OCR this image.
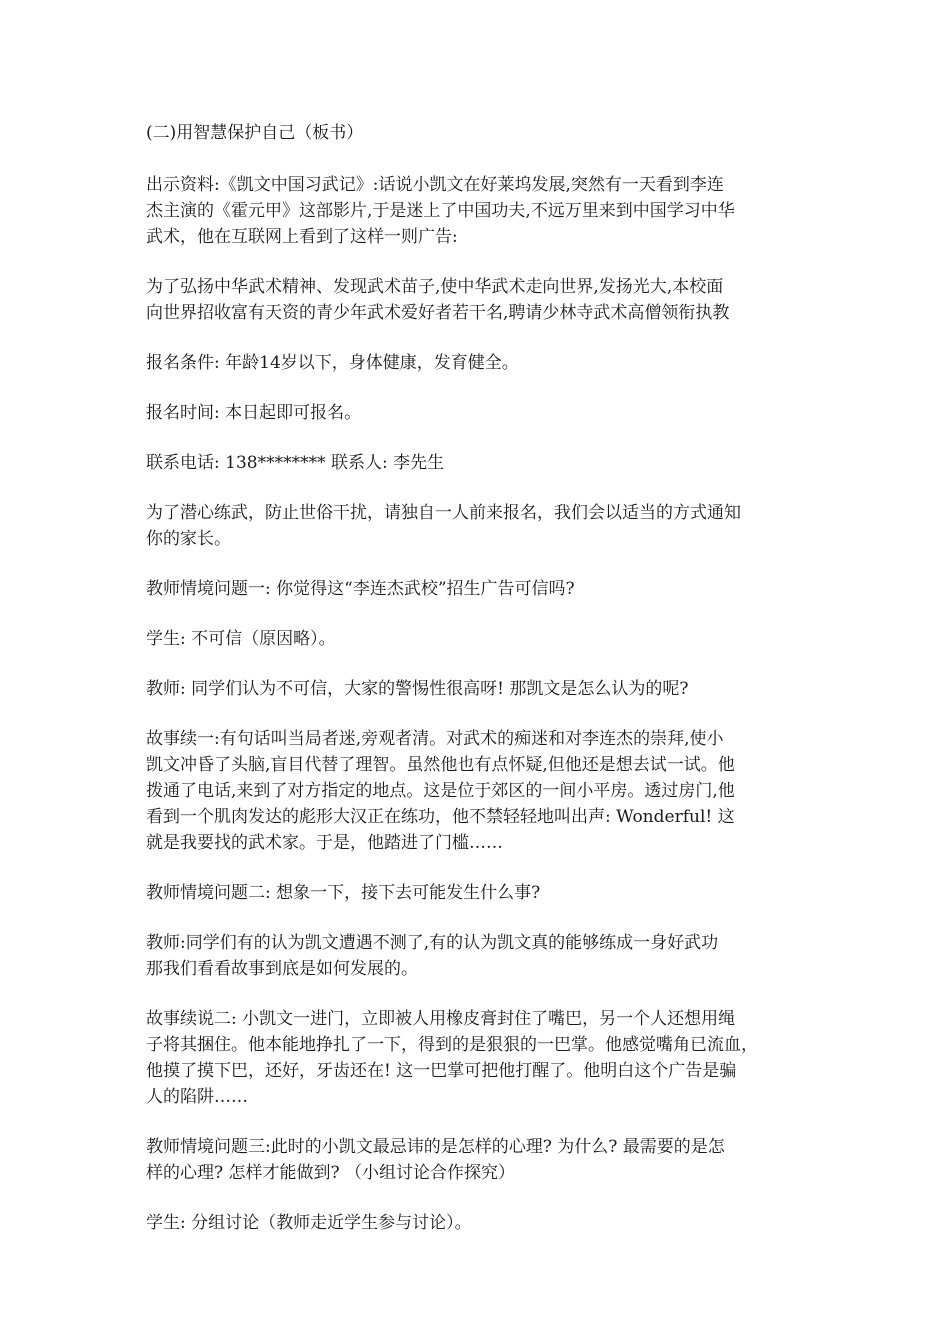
(二)用智慧保护自己（板书）

出示资料:《凯文中国习武记》:话说小凯文在好莱坞发展,突然有一天看到李连
杰主演的《霍元甲》这部影片,于是迷上了中国功夫,不远万里来到中国学习中华
武术，他在互联网上看到了这样一则广告:

为了弘扬中华武术精神、发现武术苗子,使中华武术走向世界,发扬光大,本校面
向世界招收富有天资的青少年武术爱好者若干名,聘请少林寺武术高僧领衔执教

报名条件: 年龄14岁以下，身体健康，发育健全。

报名时间: 本日起即可报名。

联系电话: 138******** 联系人: 李先生

为了潜心练武，防止世俗干扰，请独自一人前来报名，我们会以适当的方式通知
你的家长。

教师情境问题一: 你觉得这“李连杰武校”招生广告可信吗?

学生: 不可信（原因略）。

教师: 同学们认为不可信，大家的警惕性很高呀! 那凯文是怎么认为的呢?

故事续一:有句话叫当局者迷,旁观者清。对武术的痴迷和对李连杰的崇拜,使小
凯文冲昏了头脑,盲目代替了理智。虽然他也有点怀疑,但他还是想去试一试。他
拨通了电话,来到了对方指定的地点。这是位于郊区的一间小平房。透过房门,他
看到一个肌肉发达的彪形大汉正在练功，他不禁轻轻地叫出声: Wonderful! 这
就是我要找的武术家。于是，他踏进了门槛……

教师情境问题二: 想象一下，接下去可能发生什么事?

教师:同学们有的认为凯文遭遇不测了,有的认为凯文真的能够练成一身好武功
那我们看看故事到底是如何发展的。

故事续说二: 小凯文一进门，立即被人用橡皮膏封住了嘴巴，另一个人还想用绳
子将其捆住。他本能地挣扎了一下，得到的是狠狠的一巴掌。他感觉嘴角已流血，
他摸了摸下巴，还好，牙齿还在! 这一巴掌可把他打醒了。他明白这个广告是骗
人的陷阱……

教师情境问题三:此时的小凯文最忌讳的是怎样的心理? 为什么? 最需要的是怎
样的心理? 怎样才能做到? （小组讨论合作探究）

学生: 分组讨论（教师走近学生参与讨论）。
